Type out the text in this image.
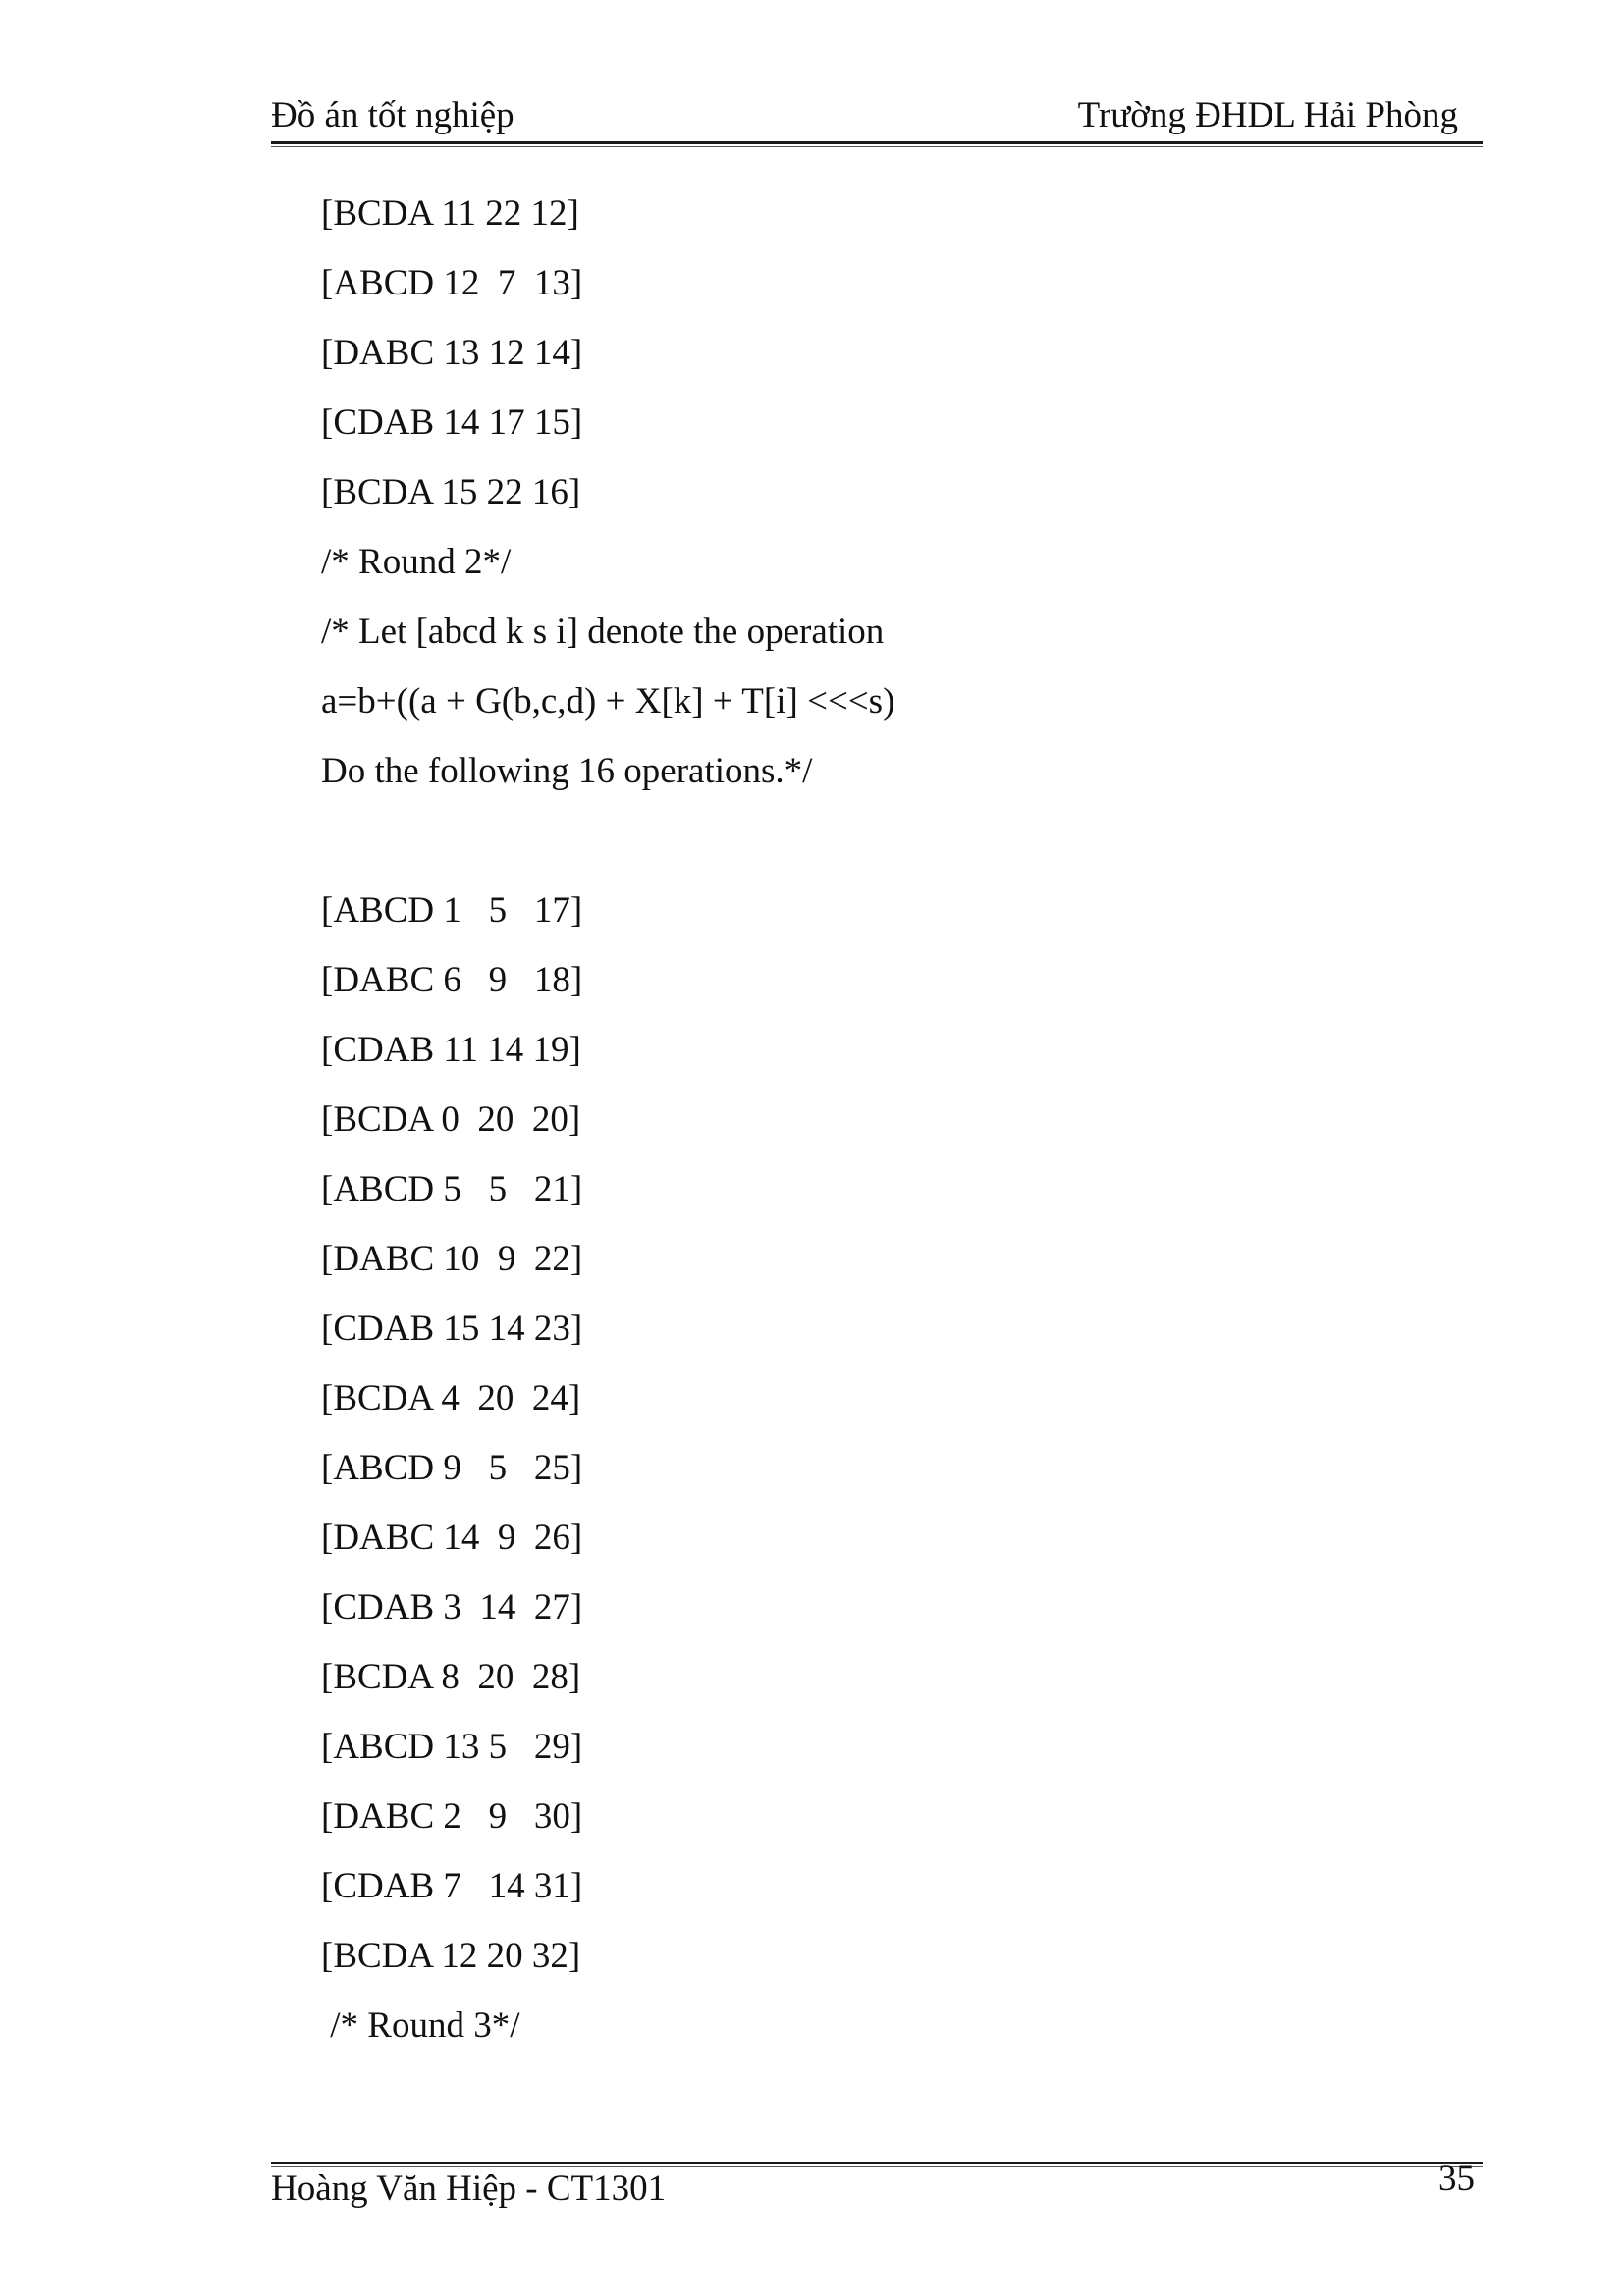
Đồ án tốt nghiệp	Trường ĐHDL Hải Phòng
[BCDA 11 22 12]
[ABCD 12  7  13]
[DABC 13 12 14]
[CDAB 14 17 15]
[BCDA 15 22 16]
/* Round 2*/
/* Let [abcd k s i] denote the operation
a=b+((a + G(b,c,d) + X[k] + T[i] <<<s)
Do the following 16 operations.*/
[ABCD 1   5   17]
[DABC 6   9   18]
[CDAB 11 14 19]
[BCDA 0  20  20]
[ABCD 5   5   21]
[DABC 10  9  22]
[CDAB 15 14 23]
[BCDA 4  20  24]
[ABCD 9   5   25]
[DABC 14  9  26]
[CDAB 3  14  27]
[BCDA 8  20  28]
[ABCD 13 5   29]
[DABC 2   9   30]
[CDAB 7   14 31]
[BCDA 12 20 32]
/* Round 3*/
Hoàng Văn Hiệp - CT1301	35
